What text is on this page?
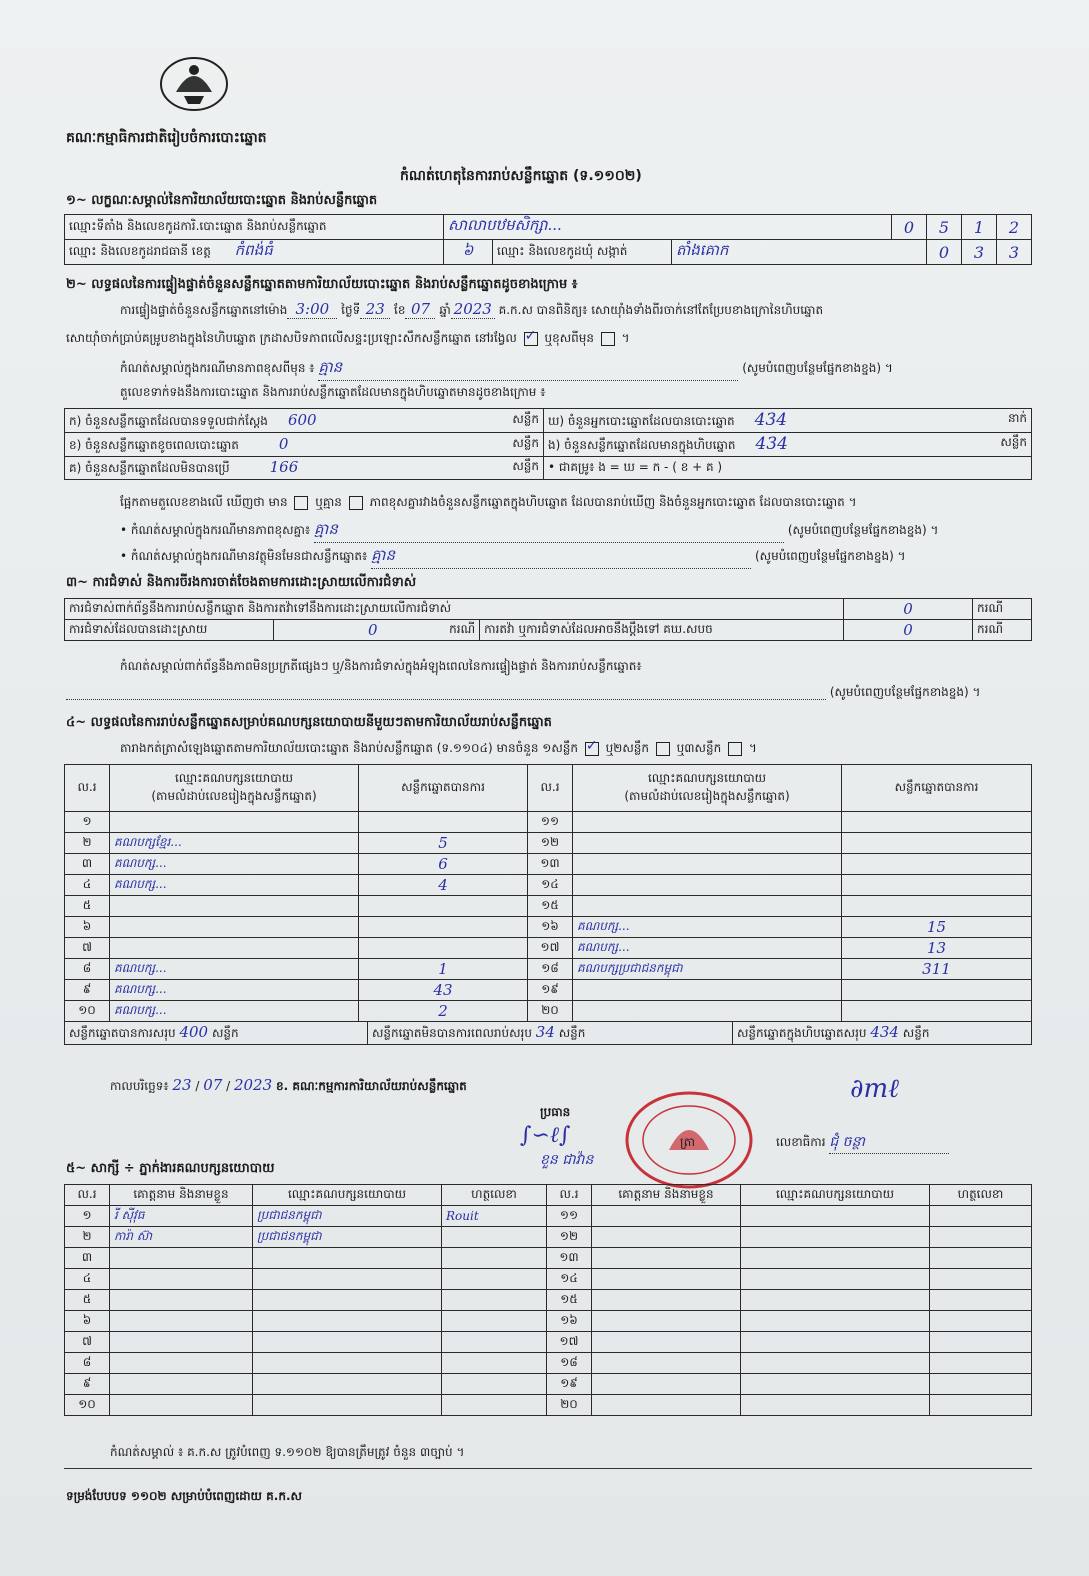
គណៈកម្មាធិការជាតិរៀបចំការបោះឆ្នោត
កំណត់ហេតុនៃការរាប់សន្លឹកឆ្នោត (ទ.១១០២)
១~ លក្ខណៈសម្គាល់នៃការិយាល័យបោះឆ្នោត និងរាប់សន្លឹកឆ្នោត
ឈ្មោះទីតាំង និងលេខកូដការិ.បោះឆ្នោត និងរាប់សន្លឹកឆ្នោត	សាលាបឋមសិក្សា...			0	5	1	2
ឈ្មោះ និងលេខកូដរាជធានី ខេត្ត កំពង់ធំ	៦	ឈ្មោះ និងលេខកូដឃុំ សង្កាត់	តាំងគោក		0	3	3
២~ លទ្ធផលនៃការផ្ទៀងផ្ទាត់ចំនួនសន្លឹកឆ្នោតតាមការិយាល័យបោះឆ្នោត និងរាប់សន្លឹកឆ្នោតដូចខាងក្រោម ៖
ការផ្ទៀងផ្ទាត់ចំនួនសន្លឹកឆ្នោតនៅម៉ោង 3:00 ថ្ងៃទី 23 ខែ 07 ឆ្នាំ 2023 គ.ក.ស បានពិនិត្យ៖ សោយ៉ាំងទាំងពីរចាក់នៅតែប្រែបខាងក្រោនៃហិបឆ្នោត
សោយ៉ាំចាក់ប្រាប់គម្រូបខាងក្នុងនៃហិបឆ្នោត ក្រដាសបិទភាពលើសន្ទះប្រឡោះសឹកសន្លឹកឆ្នោត នៅរង្វែល ✓ ឬខុសពីមុន  ។
កំណត់សម្គាល់ក្នុងករណីមានភាពខុសពីមុន ៖ គ្មាន	(សូមបំពេញបន្ថែមផ្នែកខាងខ្នង) ។
តួលេខទាក់ទងនឹងការបោះឆ្នោត និងការរាប់សន្លឹកឆ្នោតដែលមានក្នុងហិបឆ្នោតមានដូចខាងក្រោម ៖
ក) ចំនួនសន្លឹកឆ្នោតដែលបានទទួលជាក់ស្តែង 600 សន្លឹក	ឃ) ចំនួនអ្នកបោះឆ្នោតដែលបានបោះឆ្នោត 434 នាក់

ខ) ចំនួនសន្លឹកឆ្នោតខូចពេលបោះឆ្នោត 0 សន្លឹក	ង) ចំនួនសន្លឹកឆ្នោតដែលមានក្នុងហិបឆ្នោត 434 សន្លឹក

គ) ចំនួនសន្លឹកឆ្នោតដែលមិនបានប្រើ 166 សន្លឹក	• ជាគម្រូ៖ ង = ឃ = ក - ( ខ + គ )
ផ្អែកតាមតួលេខខាងលើ ឃើញថា មាន ឬគ្មាន ភាពខុសគ្នារវាងចំនួនសន្លឹកឆ្នោតក្នុងហិបឆ្នោត ដែលបានរាប់ឃើញ និងចំនួនអ្នកបោះឆ្នោត ដែលបានបោះឆ្នោត ។
• កំណត់សម្គាល់ក្នុងករណីមានភាពខុសគ្នា៖ គ្មាន	(សូមបំពេញបន្ថែមផ្នែកខាងខ្នង) ។
• កំណត់សម្គាល់ក្នុងករណីមានវត្ថុមិនមែនជាសន្លឹកឆ្នោត៖ គ្មាន	(សូមបំពេញបន្ថែមផ្នែកខាងខ្នង) ។
៣~ ការជំទាស់ និងការចីរងការចាត់ចែងតាមការដោះស្រាយលើការជំទាស់
ការជំទាស់ពាក់ព័ន្ធនឹងការរាប់សន្លឹកឆ្នោត និងការតវ៉ាទៅនឹងការដោះស្រាយលើការជំទាស់			0	ករណី
ការជំទាស់ដែលបានដោះស្រាយ	0 ករណី	ការតវ៉ា ឬការជំទាស់ដែលអាចនឹងប្តឹងទៅ គឃ.សបច	0	ករណី
កំណត់សម្គាល់ពាក់ព័ន្ធនឹងភាពមិនប្រក្រតីផ្សេងៗ ឬ/និងការជំទាស់ក្នុងអំឡុងពេលនៃការផ្ទៀងផ្ទាត់ និងការរាប់សន្លឹកឆ្នោត៖
(សូមបំពេញបន្ថែមផ្នែកខាងខ្នង) ។
៤~ លទ្ធផលនៃការរាប់សន្លឹកឆ្នោតសម្រាប់គណបក្សនយោបាយនីមួយៗតាមការិយាល័យរាប់សន្លឹកឆ្នោត
តារាងកត់ត្រាសំឡេងឆ្នោតតាមការិយាល័យបោះឆ្នោត និងរាប់សន្លឹកឆ្នោត (ទ.១១០៤) មានចំនួន ១សន្លឹក ✓ ឬ២សន្លឹក ឬ៣សន្លឹក  ។
ល.រ	ឈ្មោះគណបក្សនយោបាយ
(តាមលំដាប់លេខរៀងក្នុងសន្លឹកឆ្នោត)	សន្លឹកឆ្នោតបានការ	ល.រ	ឈ្មោះគណបក្សនយោបាយ
(តាមលំដាប់លេខរៀងក្នុងសន្លឹកឆ្នោត)	សន្លឹកឆ្នោតបានការ
១			១១		
២	គណបក្សខ្មែរ...	5	១២		
៣	គណបក្ស...	6	១៣		
៤	គណបក្ស...	4	១៤		
៥			១៥		
៦			១៦	គណបក្ស...	15
៧			១៧	គណបក្ស...	13
៨	គណបក្ស...	1	១៨	គណបក្សប្រជាជនកម្ពុជា	311
៩	គណបក្ស...	43	១៩		
១០	គណបក្ស...	2	២០		

សន្លឹកឆ្នោតបានការសរុប 400 សន្លឹក សន្លឹកឆ្នោតមិនបានការពេលរាប់សរុប 34 សន្លឹក សន្លឹកឆ្នោតក្នុងហិបឆ្នោតសរុប 434 សន្លឹក					
កាលបរិច្ឆេទ៖ 23 / 07 / 2023 ខ. គណៈកម្មការការិយាល័យរាប់សន្លឹកឆ្នោត
ប្រធាន
∫∽ℓ∫
ខួន ជាវ៉ាន
ត្រា
∂mℓ
លេខាធិការ ជុំ ចន្ថា
៥~ សាក្សី ÷ ភ្នាក់ងារគណបក្សនយោបាយ
ល.រ	គោត្តនាម និងនាមខ្លួន	ឈ្មោះគណបក្សនយោបាយ	ហត្ថលេខា	ល.រ	គោត្តនាម និងនាមខ្លួន	ឈ្មោះគណបក្សនយោបាយ	ហត្ថលេខា
១	រី ស៊ីវុធ	ប្រជាជនកម្ពុជា	Rouit	១១			
២	ការ៉ា ស៊ា	ប្រជាជនកម្ពុជា		១២			
៣				១៣			
៤				១៤			
៥				១៥			
៦				១៦			
៧				១៧			
៨				១៨			
៩				១៩			
១០				២០			
កំណត់សម្គាល់ ៖ គ.ក.ស ត្រូវបំពេញ ទ.១១០២ ឱ្យបានត្រឹមត្រូវ ចំនួន ៣ច្បាប់ ។
ទម្រង់បែបបទ ១១០២ សម្រាប់បំពេញដោយ គ.ក.ស
